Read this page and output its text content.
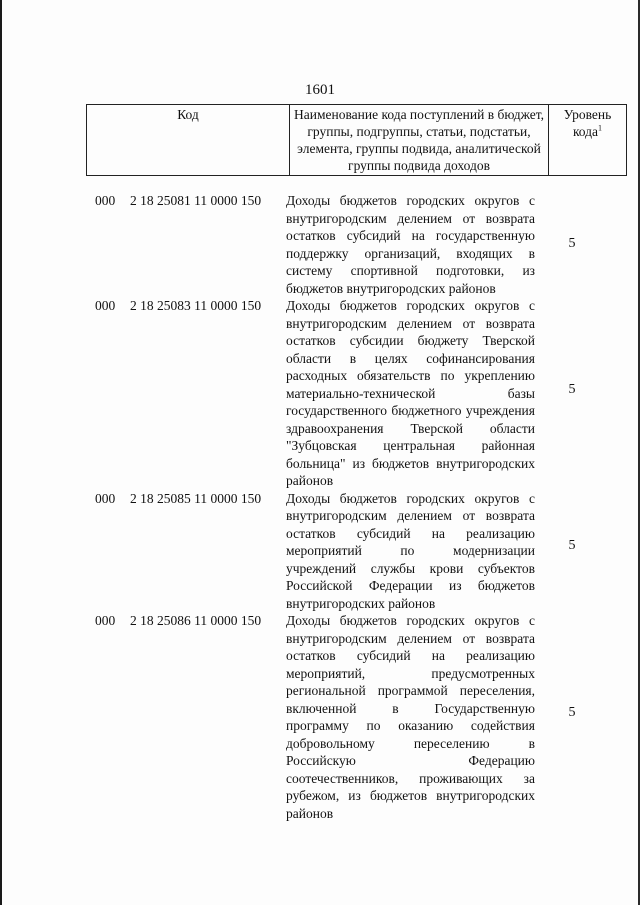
1601
Код	Наименование кода поступлений в бюджет, группы, подгруппы, статьи, подстатьи, элемента, группы подвида, аналитической группы подвида доходов	
Уровень
кода$^1$
000 2 18 25081 11 0000 150 Доходы бюджетов городских округов с внутригородским делением от возврата остатков субсидий на государственную поддержку организаций, входящих в систему спортивной подготовки, из бюджетов внутригородских районов
5
000 2 18 25083 11 0000 150 Доходы бюджетов городских округов с внутригородским делением от возврата остатков субсидии бюджету Тверской области в целях софинансирования расходных обязательств по укреплению материально-технической базы государственного бюджетного учреждения здравоохранения Тверской области "Зубцовская центральная районная больница" из бюджетов внутригородских районов
5
000 2 18 25085 11 0000 150 Доходы бюджетов городских округов с внутригородским делением от возврата остатков субсидий на реализацию мероприятий по модернизации учреждений службы крови субъектов Российской Федерации из бюджетов внутригородских районов
5
000 2 18 25086 11 0000 150 Доходы бюджетов городских округов с внутригородским делением от возврата остатков субсидий на реализацию мероприятий, предусмотренных региональной программой переселения, включенной в Государственную программу по оказанию содействия добровольному переселению в Российскую Федерацию соотечественников, проживающих за рубежом, из бюджетов внутригородских районов
5
